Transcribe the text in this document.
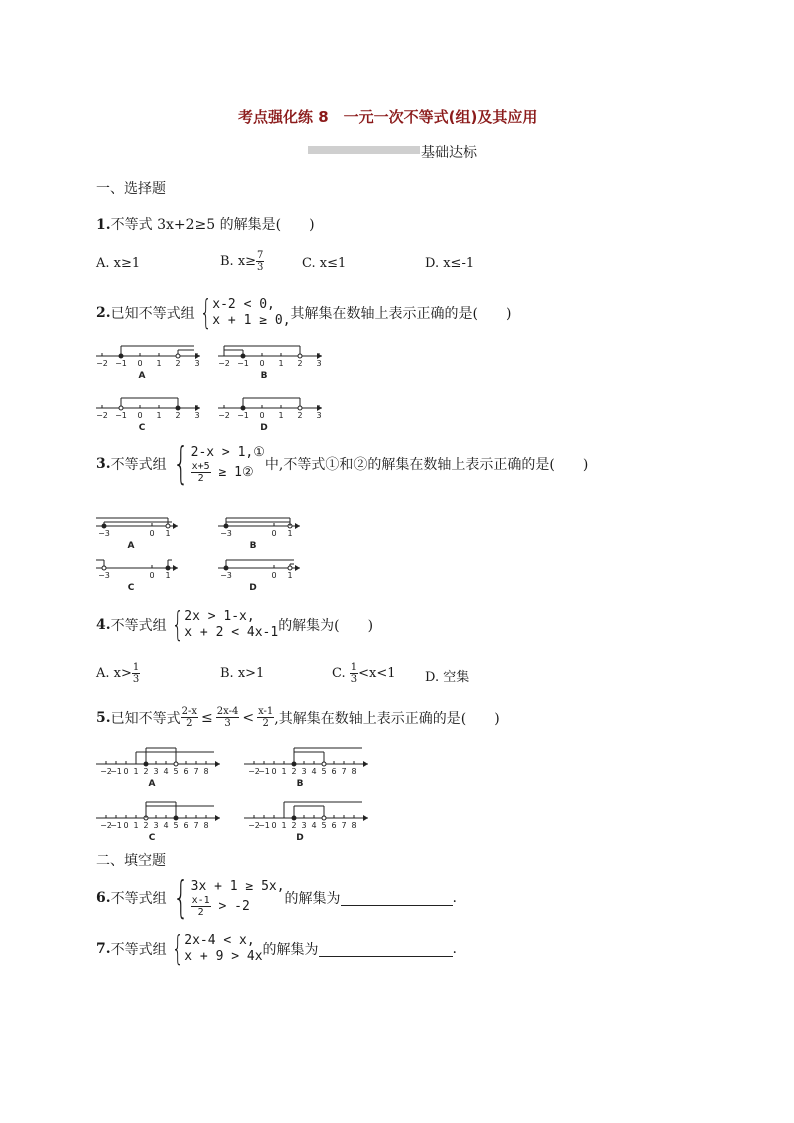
考点强化练 8　一元一次不等式(组)及其应用
基础达标
一、选择题
1.不等式 3x+2≥5 的解集是(　　)
A. x≥1	B. $x\ge \frac{7}{3}$	C. x≤1	D. x≤-1
2. 已知不等式组 { x-2 < 0,
x + 1 ≥ 0, 其解集在数轴上表示正确的是(　　)
−2 −1 0 1 2 3
A
−2 −1 0 1 2 3
B
−2 −1 0 1 2 3
C
−2 −1 0 1 2 3
D
3. 不等式组 { 2-x > 1,①
$\frac{x+5}{2}$ ≥ 1② 中,不等式①和②的解集在数轴上表示正确的是(　　)
−3	0 1
A
−3	0 1
B
−3	0 1
C
−3	0 1
D
4. 不等式组 { 2x > 1-x,
x + 2 < 4x-1 的解集为(　　)
A. $x> \frac{1}{3}$	B. x>1	C. $\frac{1}{3} <x<1$ D. 空集
5. 已知不等式 $\frac{2-x}{2} \le \frac{2x-4}{3} < \frac{x-1}{2}$ ,其解集在数轴上表示正确的是(　　)
−2
−1 0 1 2 3 4 5 6 7 8
A
−2
−1 0 1 2 3 4 5 6 7 8
B
−2
−1 0 1 2 3 4 5 6 7 8
C
−2
−1 0 1 2 3 4 5 6 7 8
D
二、填空题
6. 不等式组 { 3x + 1 ≥ 5x,
$\frac{x-1}{2} > -2$	的解集为	.
7. 不等式组 { 2x-4 < x,
x + 9 > 4x 的解集为	.
